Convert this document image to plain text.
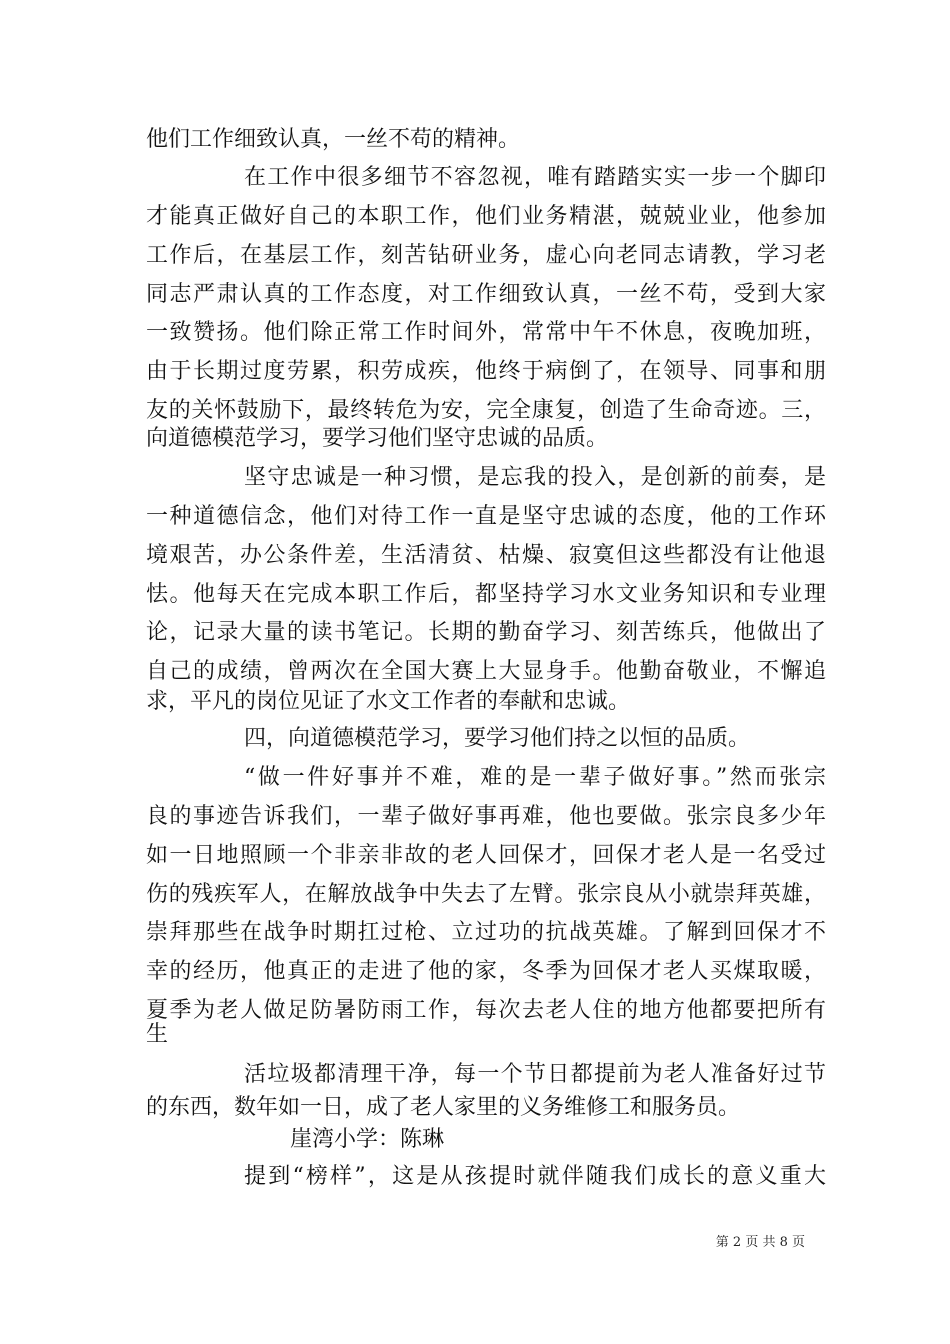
他们工作细致认真，一丝不苟的精神。
在工作中很多细节不容忽视，唯有踏踏实实一步一个脚印
才能真正做好自己的本职工作，他们业务精湛，兢兢业业，他参加
工作后，在基层工作，刻苦钻研业务，虚心向老同志请教，学习老
同志严肃认真的工作态度，对工作细致认真，一丝不苟，受到大家
一致赞扬。他们除正常工作时间外，常常中午不休息，夜晚加班，
由于长期过度劳累，积劳成疾，他终于病倒了，在领导、同事和朋
友的关怀鼓励下，最终转危为安，完全康复，创造了生命奇迹。三，
向道德模范学习，要学习他们坚守忠诚的品质。
坚守忠诚是一种习惯，是忘我的投入，是创新的前奏，是
一种道德信念，他们对待工作一直是坚守忠诚的态度，他的工作环
境艰苦，办公条件差，生活清贫、枯燥、寂寞但这些都没有让他退
怯。他每天在完成本职工作后，都坚持学习水文业务知识和专业理
论，记录大量的读书笔记。长期的勤奋学习、刻苦练兵，他做出了
自己的成绩，曾两次在全国大赛上大显身手。他勤奋敬业，不懈追
求，平凡的岗位见证了水文工作者的奉献和忠诚。
四，向道德模范学习，要学习他们持之以恒的品质。
“做一件好事并不难，难的是一辈子做好事。”然而张宗
良的事迹告诉我们，一辈子做好事再难，他也要做。张宗良多少年
如一日地照顾一个非亲非故的老人回保才，回保才老人是一名受过
伤的残疾军人，在解放战争中失去了左臂。张宗良从小就崇拜英雄，
崇拜那些在战争时期扛过枪、立过功的抗战英雄。了解到回保才不
幸的经历，他真正的走进了他的家，冬季为回保才老人买煤取暖，
夏季为老人做足防暑防雨工作，每次去老人住的地方他都要把所有
生
活垃圾都清理干净，每一个节日都提前为老人准备好过节
的东西，数年如一日，成了老人家里的义务维修工和服务员。
崖湾小学：陈琳
提到“榜样”，这是从孩提时就伴随我们成长的意义重大
第 2 页 共 8 页
